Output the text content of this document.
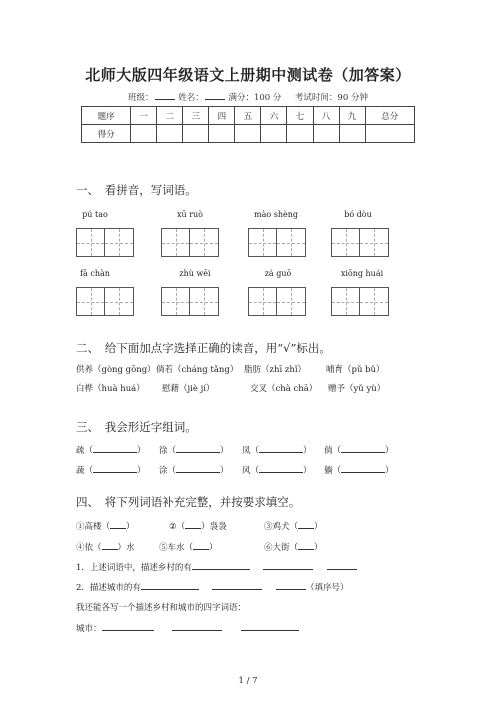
北师大版四年级语文上册期中测试卷（加答案）
班级：	姓名：	满分：100 分 考试时间：90 分钟
题序	一	二	三	四	五	六	七	八	九	总分
得分										
一、　看拼音，写词语。
pú tao	xū ruò	mào shèng	bó dòu
fā chàn	zhù wēi	zá guō	xiōng huái
二、　给下面加点字选择正确的读音，用“√”标出。
供养（gòng gōng）倘若（cháng tǎng） 脂肪（zhī zhǐ） 哺育（pǔ bǔ）
白桦（huà huá） 慰藉（jiè jí）	交叉（chà chā） 赠予（yǔ yù）
三、　我会形近字组词。
疏（	） 徐（	） 凤（	） 倘（	）
蔬（	） 涂（	） 风（	） 躺（	）
四、　将下列词语补充完整，并按要求填空。
①高楼（ ）	②（ ）袅袅	③鸡犬（ ）
④依（ ）水	⑤车水（ ）	⑥大街（ ）
1．上述词语中，描述乡村的有
2．描述城市的有	（填序号）
我还能各写一个描述乡村和城市的四字词语：
城市：
1 / 7
